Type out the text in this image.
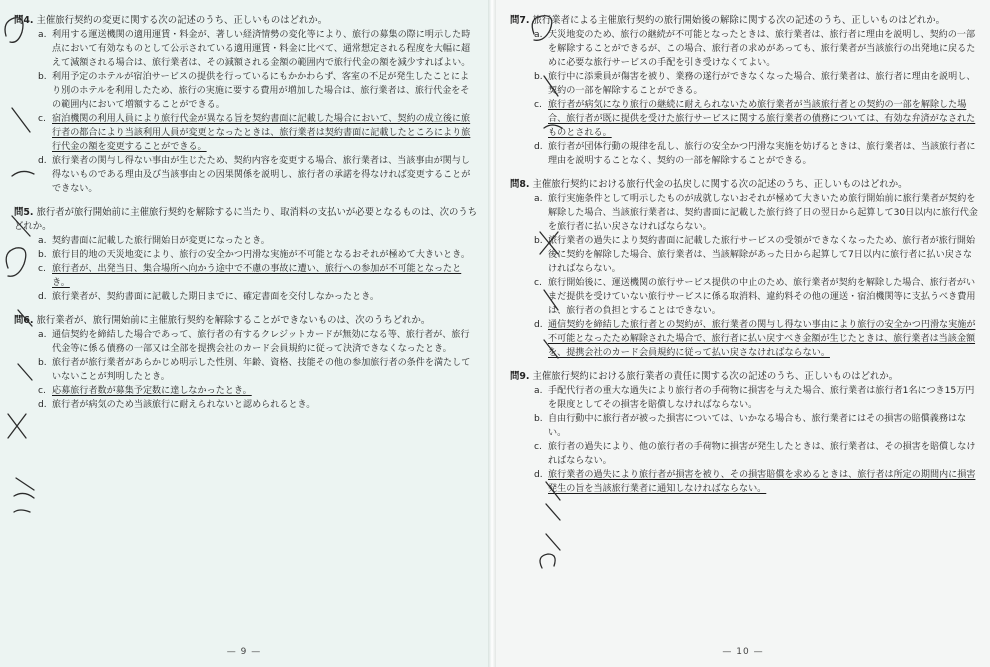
問4. 主催旅行契約の変更に関する次の記述のうち、正しいものはどれか。
a. 利用する運送機関の適用運賃・料金が、著しい経済情勢の変化等により、旅行の募集の際に明示した時点において有効なものとして公示されている適用運賃・料金に比べて、通常想定される程度を大幅に超えて減額される場合は、旅行業者は、その減額される金額の範囲内で旅行代金の額を減少すればよい。
b. 利用予定のホテルが宿泊サービスの提供を行っているにもかかわらず、客室の不足が発生したことにより別のホテルを利用したため、旅行の実施に要する費用が増加した場合は、旅行業者は、旅行代金をその範囲内において増額することができる。
c. 宿泊機関の利用人員により旅行代金が異なる旨を契約書面に記載した場合において、契約の成立後に旅行者の都合により当該利用人員が変更となったときは、旅行業者は契約書面に記載したところにより旅行代金の額を変更することができる。
d. 旅行業者の関与し得ない事由が生じたため、契約内容を変更する場合、旅行業者は、当該事由が関与し得ないものである理由及び当該事由との因果関係を説明し、旅行者の承諾を得なければ変更することができない。
問5. 旅行者が旅行開始前に主催旅行契約を解除するに当たり、取消料の支払いが必要となるものは、次のうちどれか。
a. 契約書面に記載した旅行開始日が変更になったとき。
b. 旅行目的地の天災地変により、旅行の安全かつ円滑な実施が不可能となるおそれが極めて大きいとき。
c. 旅行者が、出発当日、集合場所へ向かう途中で不慮の事故に遭い、旅行への参加が不可能となったとき。
d. 旅行業者が、契約書面に記載した期日までに、確定書面を交付しなかったとき。
問6. 旅行業者が、旅行開始前に主催旅行契約を解除することができないものは、次のうちどれか。
a. 通信契約を締結した場合であって、旅行者の有するクレジットカードが無効になる等、旅行者が、旅行代金等に係る債務の一部又は全部を提携会社のカード会員規約に従って決済できなくなったとき。
b. 旅行者が旅行業者があらかじめ明示した性別、年齢、資格、技能その他の参加旅行者の条件を満たしていないことが判明したとき。
c. 応募旅行者数が募集予定数に達しなかったとき。
d. 旅行者が病気のため当該旅行に耐えられないと認められるとき。
— 9 —
問7. 旅行業者による主催旅行契約の旅行開始後の解除に関する次の記述のうち、正しいものはどれか。
a. 天災地変のため、旅行の継続が不可能となったときは、旅行業者は、旅行者に理由を説明し、契約の一部を解除することができるが、この場合、旅行者の求めがあっても、旅行業者が当該旅行の出発地に戻るために必要な旅行サービスの手配を引き受けなくてよい。
b. 旅行中に添乗員が傷害を被り、業務の遂行ができなくなった場合、旅行業者は、旅行者に理由を説明し、契約の一部を解除することができる。
c. 旅行者が病気になり旅行の継続に耐えられないため旅行業者が当該旅行者との契約の一部を解除した場合、旅行者が既に提供を受けた旅行サービスに関する旅行業者の債務については、有効な弁済がなされたものとされる。
d. 旅行者が団体行動の規律を乱し、旅行の安全かつ円滑な実施を妨げるときは、旅行業者は、当該旅行者に理由を説明することなく、契約の一部を解除することができる。
問8. 主催旅行契約における旅行代金の払戻しに関する次の記述のうち、正しいものはどれか。
a. 旅行実施条件として明示したものが成就しないおそれが極めて大きいため旅行開始前に旅行業者が契約を解除した場合、当該旅行業者は、契約書面に記載した旅行終了日の翌日から起算して30日以内に旅行代金を旅行者に払い戻さなければならない。
b. 旅行業者の過失により契約書面に記載した旅行サービスの受領ができなくなったため、旅行者が旅行開始後に契約を解除した場合、旅行業者は、当該解除があった日から起算して7日以内に旅行者に払い戻さなければならない。
c. 旅行開始後に、運送機関の旅行サービス提供の中止のため、旅行業者が契約を解除した場合、旅行者がいまだ提供を受けていない旅行サービスに係る取消料、違約料その他の運送・宿泊機関等に支払うべき費用は、旅行者の負担とすることはできない。
d. 通信契約を締結した旅行者との契約が、旅行業者の関与し得ない事由により旅行の安全かつ円滑な実施が不可能となったため解除された場合で、旅行者に払い戻すべき金額が生じたときは、旅行業者は当該金額を、提携会社のカード会員規約に従って払い戻さなければならない。
問9. 主催旅行契約における旅行業者の責任に関する次の記述のうち、正しいものはどれか。
a. 手配代行者の重大な過失により旅行者の手荷物に損害を与えた場合、旅行業者は旅行者1名につき15万円を限度としてその損害を賠償しなければならない。
b. 自由行動中に旅行者が被った損害については、いかなる場合も、旅行業者にはその損害の賠償義務はない。
c. 旅行者の過失により、他の旅行者の手荷物に損害が発生したときは、旅行業者は、その損害を賠償しなければならない。
d. 旅行業者の過失により旅行者が損害を被り、その損害賠償を求めるときは、旅行者は所定の期間内に損害発生の旨を当該旅行業者に通知しなければならない。
— 10 —
